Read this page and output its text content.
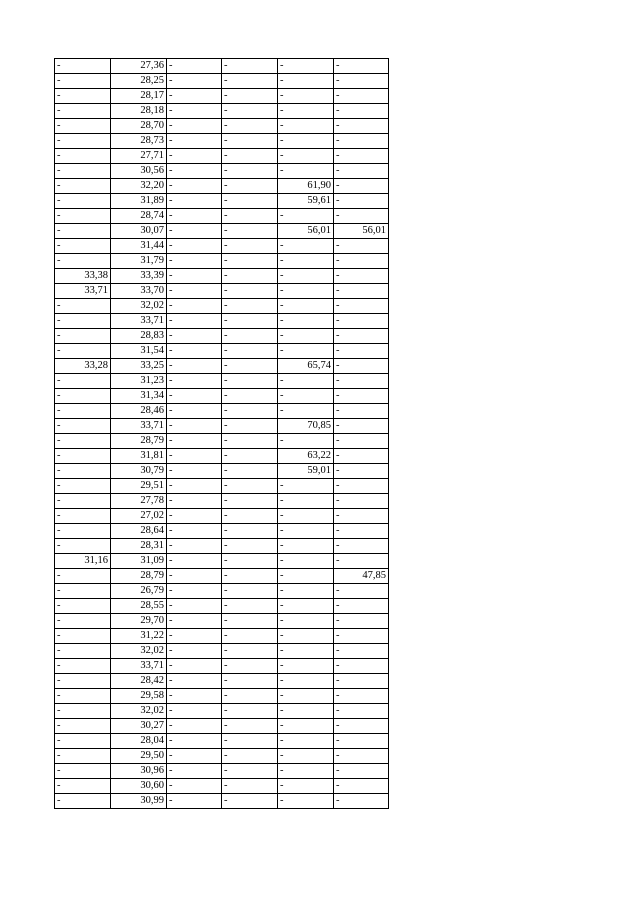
-	27,36	-	-	-	-
-	28,25	-	-	-	-
-	28,17	-	-	-	-
-	28,18	-	-	-	-
-	28,70	-	-	-	-
-	28,73	-	-	-	-
-	27,71	-	-	-	-
-	30,56	-	-	-	-
-	32,20	-	-	61,90	-
-	31,89	-	-	59,61	-
-	28,74	-	-	-	-
-	30,07	-	-	56,01	56,01
-	31,44	-	-	-	-
-	31,79	-	-	-	-
33,38	33,39	-	-	-	-
33,71	33,70	-	-	-	-
-	32,02	-	-	-	-
-	33,71	-	-	-	-
-	28,83	-	-	-	-
-	31,54	-	-	-	-
33,28	33,25	-	-	65,74	-
-	31,23	-	-	-	-
-	31,34	-	-	-	-
-	28,46	-	-	-	-
-	33,71	-	-	70,85	-
-	28,79	-	-	-	-
-	31,81	-	-	63,22	-
-	30,79	-	-	59,01	-
-	29,51	-	-	-	-
-	27,78	-	-	-	-
-	27,02	-	-	-	-
-	28,64	-	-	-	-
-	28,31	-	-	-	-
31,16	31,09	-	-	-	-
-	28,79	-	-	-	47,85
-	26,79	-	-	-	-
-	28,55	-	-	-	-
-	29,70	-	-	-	-
-	31,22	-	-	-	-
-	32,02	-	-	-	-
-	33,71	-	-	-	-
-	28,42	-	-	-	-
-	29,58	-	-	-	-
-	32,02	-	-	-	-
-	30,27	-	-	-	-
-	28,04	-	-	-	-
-	29,50	-	-	-	-
-	30,96	-	-	-	-
-	30,60	-	-	-	-
-	30,99	-	-	-	-
